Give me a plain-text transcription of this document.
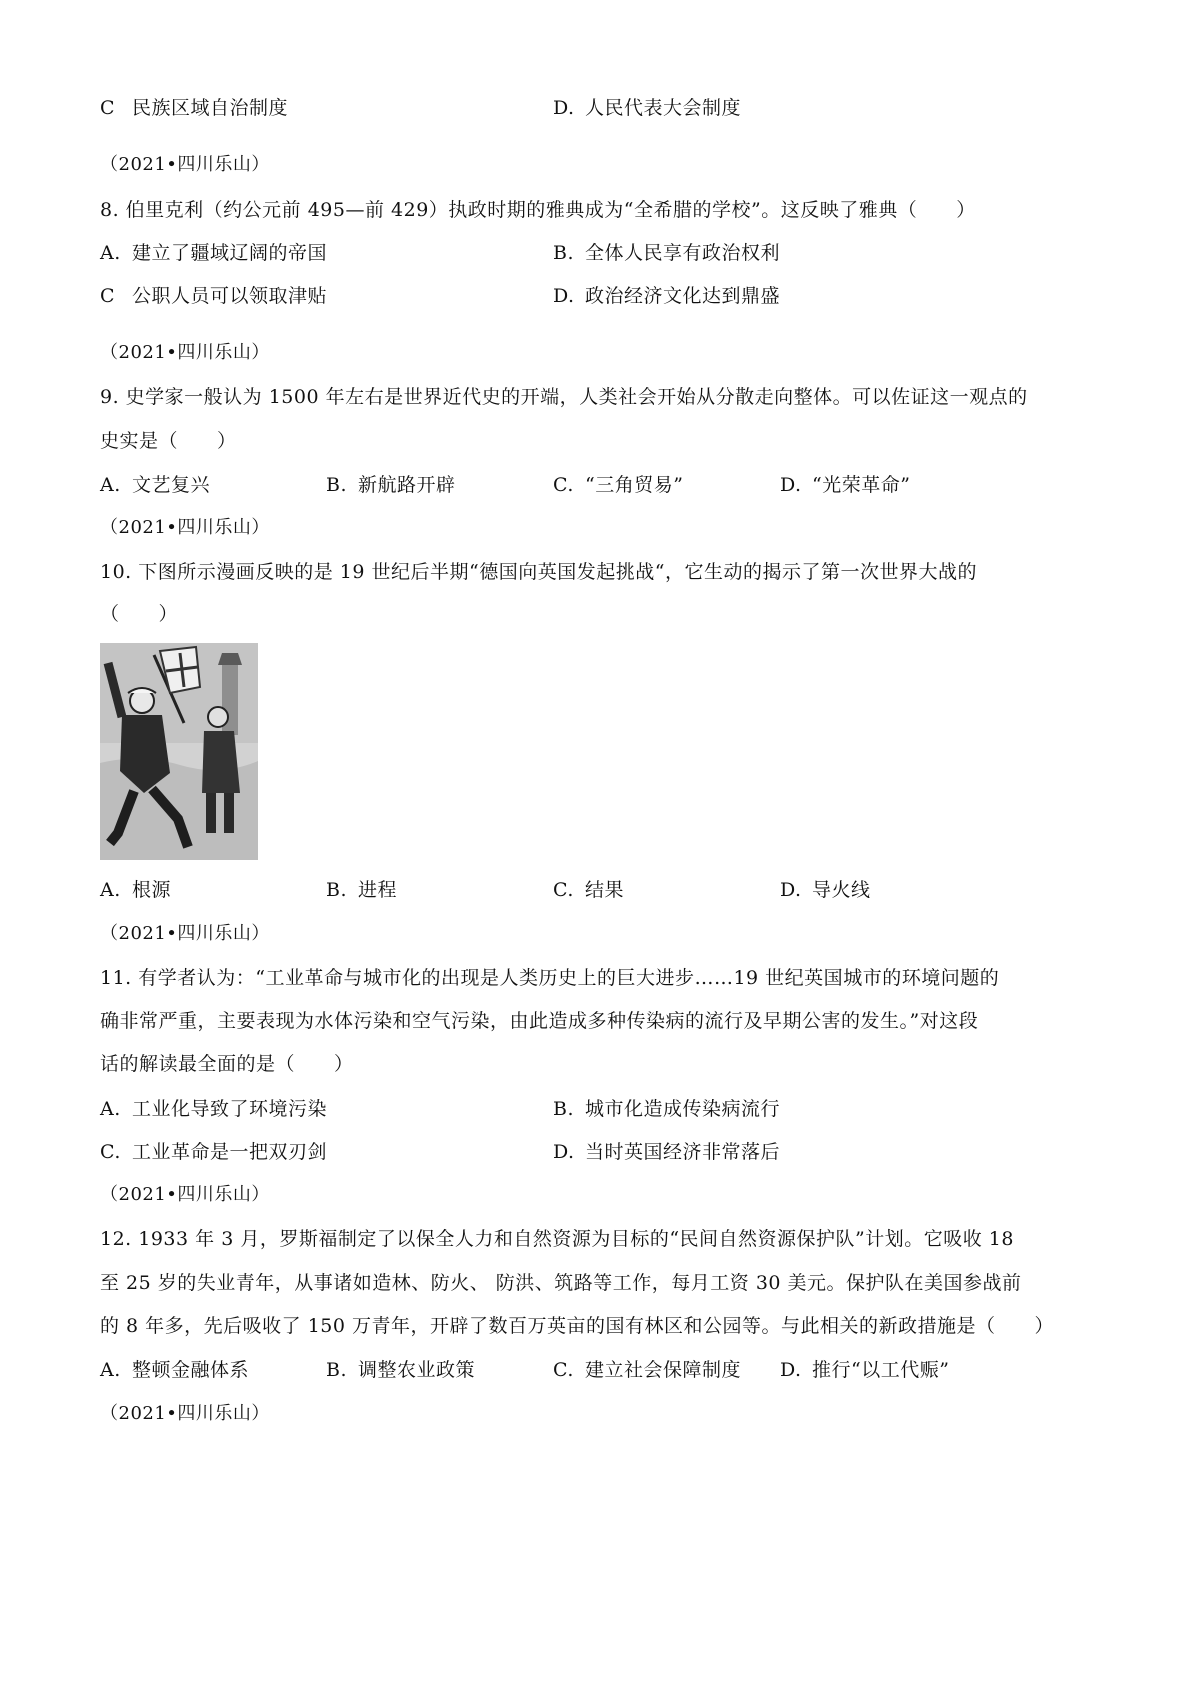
C 民族区域自治制度	D. 人民代表大会制度
（2021•四川乐山）
8. 伯里克利（约公元前 495—前 429）执政时期的雅典成为“全希腊的学校”。这反映了雅典（　　）
A. 建立了疆域辽阔的帝国	B. 全体人民享有政治权利
C 公职人员可以领取津贴	D. 政治经济文化达到鼎盛
（2021•四川乐山）
9. 史学家一般认为 1500 年左右是世界近代史的开端，人类社会开始从分散走向整体。可以佐证这一观点的
史实是（　　）
A. 文艺复兴	B. 新航路开辟	C. “三角贸易”	D. “光荣革命”
（2021•四川乐山）
10. 下图所示漫画反映的是 19 世纪后半期“德国向英国发起挑战“，它生动的揭示了第一次世界大战的
（　　）
A. 根源	B. 进程	C. 结果	D. 导火线
（2021•四川乐山）
11. 有学者认为：“工业革命与城市化的出现是人类历史上的巨大进步……19 世纪英国城市的环境问题的
确非常严重，主要表现为水体污染和空气污染，由此造成多种传染病的流行及早期公害的发生。”对这段
话的解读最全面的是（　　）
A. 工业化导致了环境污染	B. 城市化造成传染病流行
C. 工业革命是一把双刃剑	D. 当时英国经济非常落后
（2021•四川乐山）
12. 1933 年 3 月，罗斯福制定了以保全人力和自然资源为目标的“民间自然资源保护队”计划。它吸收 18
至 25 岁的失业青年，从事诸如造林、防火、 防洪、筑路等工作，每月工资 30 美元。保护队在美国参战前
的 8 年多，先后吸收了 150 万青年，开辟了数百万英亩的国有林区和公园等。与此相关的新政措施是（　　）
A. 整顿金融体系	B. 调整农业政策	C. 建立社会保障制度 D. 推行“以工代赈”
（2021•四川乐山）
